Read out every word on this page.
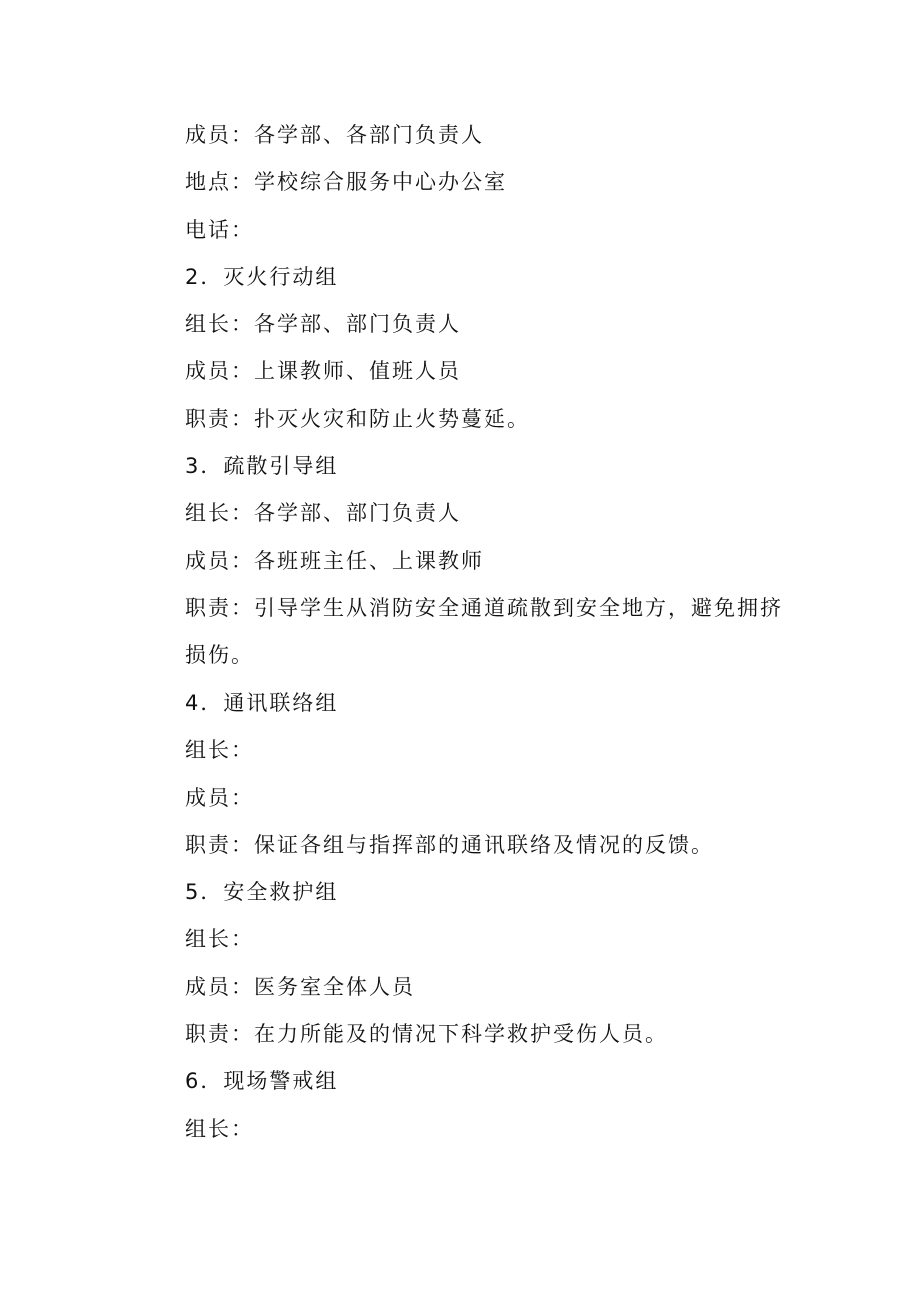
成员：各学部、各部门负责人

地点：学校综合服务中心办公室

电话：

2．灭火行动组

组长：各学部、部门负责人

成员：上课教师、值班人员

职责：扑灭火灾和防止火势蔓延。

3．疏散引导组

组长：各学部、部门负责人

成员：各班班主任、上课教师

职责：引导学生从消防安全通道疏散到安全地方，避免拥挤损伤。

4．通讯联络组

组长：

成员：

职责：保证各组与指挥部的通讯联络及情况的反馈。

5．安全救护组

组长：

成员：医务室全体人员

职责：在力所能及的情况下科学救护受伤人员。

6．现场警戒组

组长：
